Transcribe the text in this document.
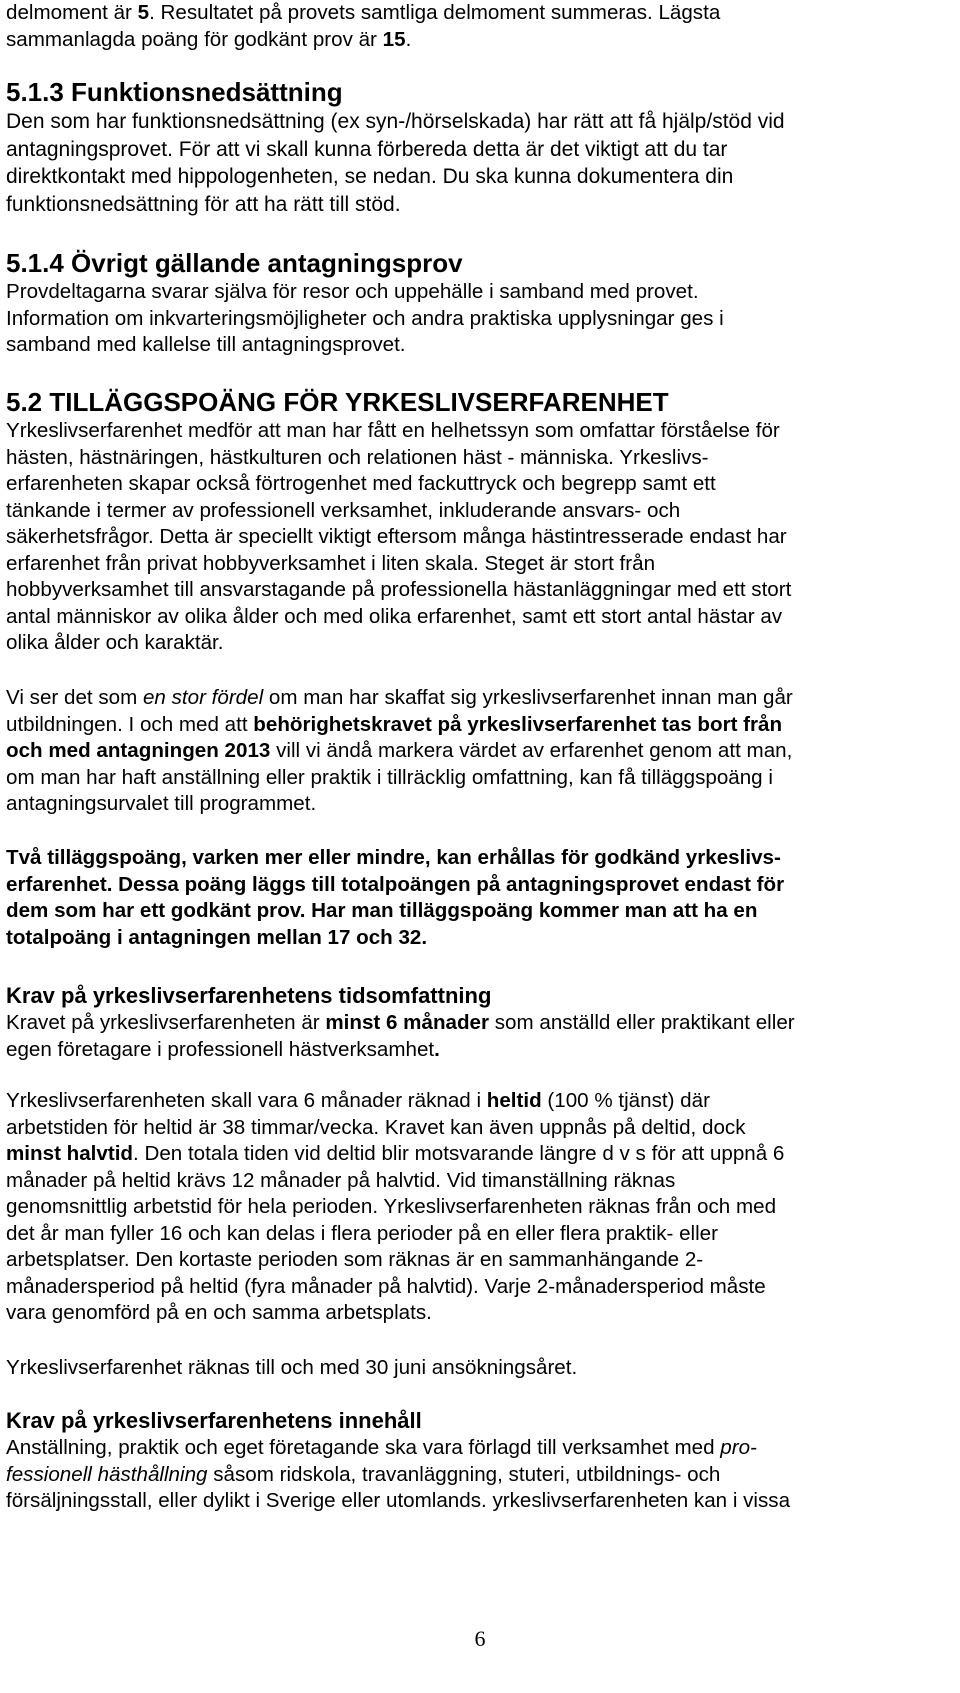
delmoment är 5. Resultatet på provets samtliga delmoment summeras. Lägsta

sammanlagda poäng för godkänt prov är 15.

5.1.3 Funktionsnedsättning

Den som har funktionsnedsättning (ex syn-/hörselskada) har rätt att få hjälp/stöd vid

antagningsprovet. För att vi skall kunna förbereda detta är det viktigt att du tar

direktkontakt med hippologenheten, se nedan. Du ska kunna dokumentera din

funktionsnedsättning för att ha rätt till stöd.

5.1.4 Övrigt gällande antagningsprov

Provdeltagarna svarar själva för resor och uppehälle i samband med provet.

Information om inkvarteringsmöjligheter och andra praktiska upplysningar ges i

samband med kallelse till antagningsprovet.

5.2 TILLÄGGSPOÄNG FÖR YRKESLIVSERFARENHET

Yrkeslivserfarenhet medför att man har fått en helhetssyn som omfattar förståelse för

hästen, hästnäringen, hästkulturen och relationen häst - människa. Yrkeslivs-

erfarenheten skapar också förtrogenhet med fackuttryck och begrepp samt ett

tänkande i termer av professionell verksamhet, inkluderande ansvars- och

säkerhetsfrågor. Detta är speciellt viktigt eftersom många hästintresserade endast har

erfarenhet från privat hobbyverksamhet i liten skala. Steget är stort från

hobbyverksamhet till ansvarstagande på professionella hästanläggningar med ett stort

antal människor av olika ålder och med olika erfarenhet, samt ett stort antal hästar av

olika ålder och karaktär.

Vi ser det som en stor fördel om man har skaffat sig yrkeslivserfarenhet innan man går

utbildningen. I och med att behörighetskravet på yrkeslivserfarenhet tas bort från

och med antagningen 2013 vill vi ändå markera värdet av erfarenhet genom att man,

om man har haft anställning eller praktik i tillräcklig omfattning, kan få tilläggspoäng i

antagningsurvalet till programmet.

Två tilläggspoäng, varken mer eller mindre, kan erhållas för godkänd yrkeslivs-

erfarenhet. Dessa poäng läggs till totalpoängen på antagningsprovet endast för

dem som har ett godkänt prov. Har man tilläggspoäng kommer man att ha en

totalpoäng i antagningen mellan 17 och 32.

Krav på yrkeslivserfarenhetens tidsomfattning

Kravet på yrkeslivserfarenheten är minst 6 månader som anställd eller praktikant eller

egen företagare i professionell hästverksamhet.

Yrkeslivserfarenheten skall vara 6 månader räknad i heltid (100 % tjänst) där

arbetstiden för heltid är 38 timmar/vecka. Kravet kan även uppnås på deltid, dock

minst halvtid. Den totala tiden vid deltid blir motsvarande längre d v s för att uppnå 6

månader på heltid krävs 12 månader på halvtid. Vid timanställning räknas

genomsnittlig arbetstid för hela perioden. Yrkeslivserfarenheten räknas från och med

det år man fyller 16 och kan delas i flera perioder på en eller flera praktik- eller

arbetsplatser. Den kortaste perioden som räknas är en sammanhängande 2-

månadersperiod på heltid (fyra månader på halvtid). Varje 2-månadersperiod måste

vara genomförd på en och samma arbetsplats.

Yrkeslivserfarenhet räknas till och med 30 juni ansökningsåret.

Krav på yrkeslivserfarenhetens innehåll

Anställning, praktik och eget företagande ska vara förlagd till verksamhet med pro-

fessionell hästhållning såsom ridskola, travanläggning, stuteri, utbildnings- och

försäljningsstall, eller dylikt i Sverige eller utomlands. yrkeslivserfarenheten kan i vissa

6
